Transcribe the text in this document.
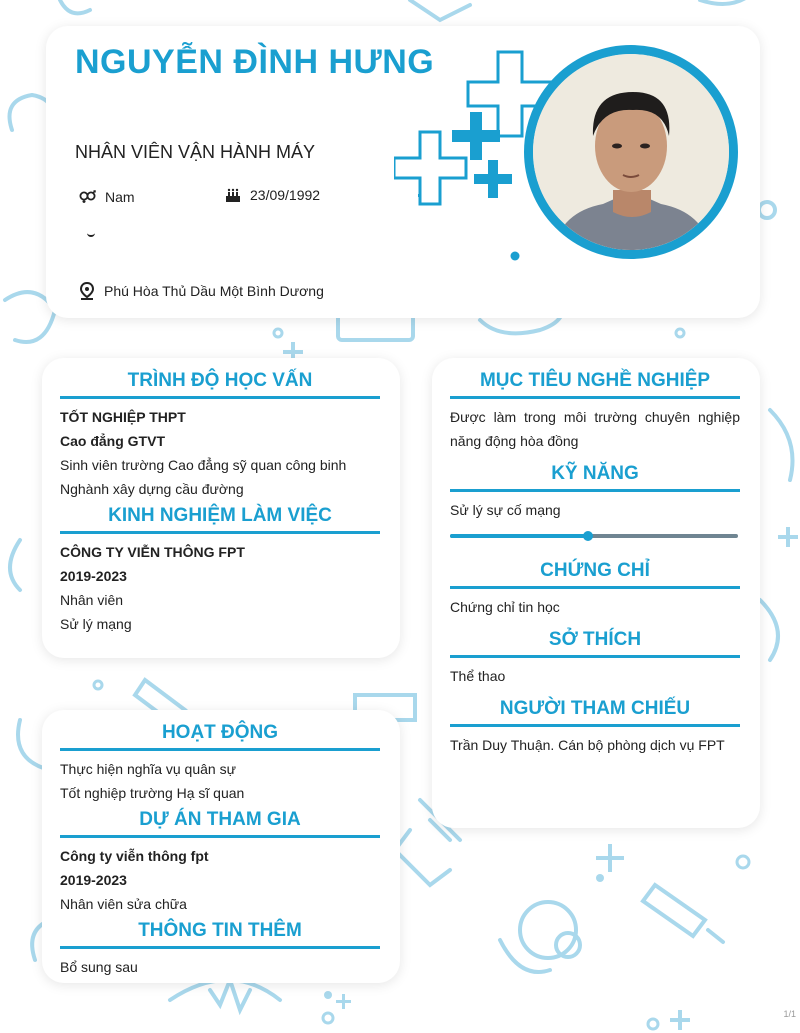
NGUYỄN ĐÌNH HƯNG
NHÂN VIÊN VẬN HÀNH MÁY
Nam	23/09/1992
Phú Hòa Thủ Dầu Một Bình Dương
TRÌNH ĐỘ HỌC VẤN
TỐT NGHIỆP THPT
Cao đẳng GTVT
Sinh viên trường Cao đẳng sỹ quan công binh
Nghành xây dựng cầu đường
KINH NGHIỆM LÀM VIỆC
CÔNG TY VIỄN THÔNG FPT
2019-2023
Nhân viên
Sử lý mạng
HOẠT ĐỘNG
Thực hiện nghĩa vụ quân sự
Tốt nghiệp trường Hạ sĩ quan
DỰ ÁN THAM GIA
Công ty viễn thông fpt
2019-2023
Nhân viên sửa chữa
THÔNG TIN THÊM
Bổ sung sau
MỤC TIÊU NGHỀ NGHIỆP
Được làm trong môi trường chuyên nghiệp năng động hòa đồng
KỸ NĂNG
Sử lý sự cố mạng
CHỨNG CHỈ
Chứng chỉ tin học
SỞ THÍCH
Thể thao
NGƯỜI THAM CHIẾU
Trần Duy Thuận. Cán bộ phòng dịch vụ FPT
1/1
